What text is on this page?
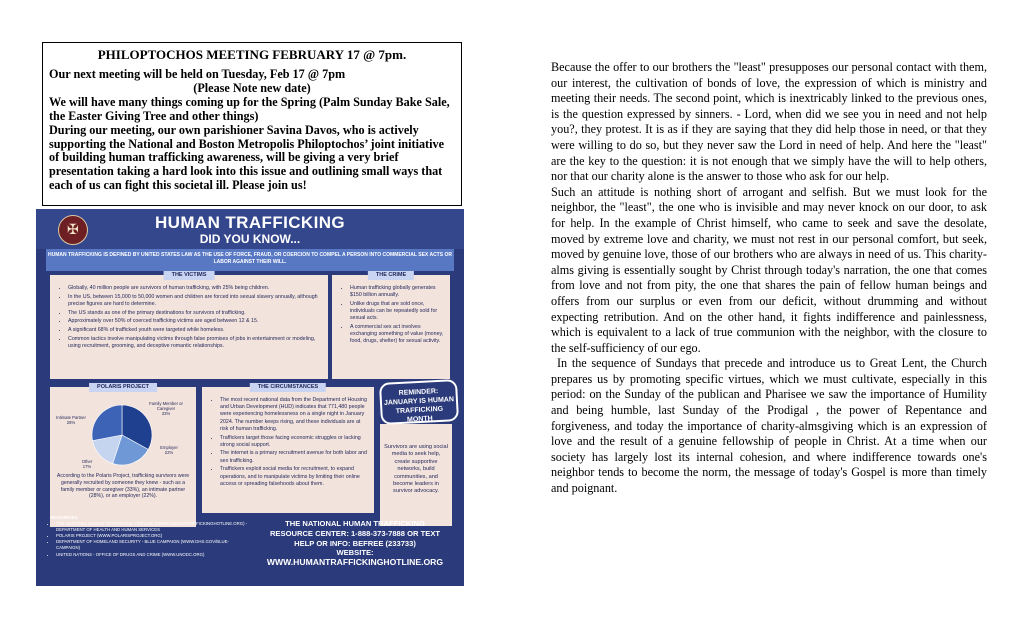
PHILOPTOCHOS MEETING FEBRUARY 17 @ 7pm.

Our next meeting will be held on Tuesday, Feb 17 @ 7pm

(Please Note new date)

We will have many things coming up for the Spring (Palm Sunday Bake Sale, the Easter Giving Tree and other things)

During our meeting, our own parishioner Savina Davos, who is actively supporting the National and Boston Metropolis Philoptochos’ joint initiative of building human trafficking awareness, will be giving a very brief presentation taking a hard look into this issue and outlining small ways that each of us can fight this societal ill. Please join us!

✠	HUMAN TRAFFICKING
DID YOU KNOW...
HUMAN TRAFFICKING IS DEFINED BY UNITED STATES LAW AS THE USE OF FORCE, FRAUD, OR COERCION TO COMPEL A PERSON INTO COMMERCIAL SEX ACTS OR LABOR AGAINST THEIR WILL.
THE VICTIMS
• Globally, 40 million people are survivors of human trafficking, with 25% being children.
• In the US, between 15,000 to 50,000 women and children are forced into sexual slavery annually, although precise figures are hard to determine.
• The US stands as one of the primary destinations for survivors of trafficking.
• Approximately over 50% of coerced trafficking victims are aged between 12 & 15.
• A significant 68% of trafficked youth were targeted while homeless.
• Common tactics involve manipulating victims through false promises of jobs in entertainment or modeling, using recruitment, grooming, and deceptive romantic relationships.
THE CRIME
• Human trafficking globally generates $150 billion annually.
• Unlike drugs that are sold once, individuals can be repeatedly sold for sexual acts.
• A commercial sex act involves exchanging something of value (money, food, drugs, shelter) for sexual activity.
POLARIS PROJECT
Family Member or Caregiver
33%
Employer
22%
Other
17%
Intimate Partner
28%
According to the Polaris Project, trafficking survivors were generally recruited by someone they knew - such as a family member or caregiver (33%), an intimate partner (28%), or an employer (22%).
THE CIRCUMSTANCES
• The most recent national data from the Department of Housing and Urban Development (HUD) indicates that 771,480 people were experiencing homelessness on a single night in January 2024. The number keeps rising, and these individuals are at risk of human trafficking.
• Traffickers target those facing economic struggles or lacking strong social support.
• The internet is a primary recruitment avenue for both labor and sex trafficking.
• Traffickers exploit social media for recruitment, to expand operations, and to manipulate victims by limiting their online access or spreading falsehoods about them.
Survivors are using social media to seek help, create supportive networks, build communities, and become leaders in survivor advocacy.
REMINDER: JANUARY IS HUMAN TRAFFICKING MONTH
RESOURCES:
• THE NATIONAL HUMAN TRAFFICKING HOTLINE (WWW.HUMANTRAFFICKINGHOTLINE.ORG) - DEPARTMENT OF HEALTH AND HUMAN SERVICES
• POLARIS PROJECT (WWW.POLARISPROJECT.ORG)
• DEPARTMENT OF HOMELAND SECURITY - BLUE CAMPAIGN (WWW.DHS.GOV/BLUE-CAMPAIGN)
• UNITED NATIONS - OFFICE OF DRUGS AND CRIME (WWW.UNODC.ORG)
THE NATIONAL HUMAN TRAFFICKING
RESOURCE CENTER: 1-888-373-7888 OR TEXT
HELP OR INFO: BEFREE (233733)
WEBSITE:
WWW.HUMANTRAFFICKINGHOTLINE.ORG

Because the offer to our brothers the "least" presupposes our personal contact with them, our interest, the cultivation of bonds of love, the expression of which is ministry and meeting their needs. The second point, which is inextricably linked to the previous ones, is the question expressed by sinners. - Lord, when did we see you in need and not help you?, they protest. It is as if they are saying that they did help those in need, or that they were willing to do so, but they never saw the Lord in need of help. And here the "least" are the key to the question: it is not enough that we simply have the will to help others, nor that our charity alone is the answer to those who ask for our help.

Such an attitude is nothing short of arrogant and selfish. But we must look for the neighbor, the "least", the one who is invisible and may never knock on our door, to ask for help. In the example of Christ himself, who came to seek and save the desolate, moved by extreme love and charity, we must not rest in our personal comfort, but seek, moved by genuine love, those of our brothers who are always in need of us. This charity-alms giving is essentially sought by Christ through today's narration, the one that comes from love and not from pity, the one that shares the pain of fellow human beings and offers from our surplus or even from our deficit, without drumming and without expecting retribution. And on the other hand, it fights indifference and painlessness, which is equivalent to a lack of true communion with the neighbor, with the closure to the self-sufficiency of our ego.

In the sequence of Sundays that precede and introduce us to Great Lent, the Church prepares us by promoting specific virtues, which we must cultivate, especially in this period: on the Sunday of the publican and Pharisee we saw the importance of Humility and being humble, last Sunday of the Prodigal , the power of Repentance and forgiveness, and today the importance of charity-almsgiving which is an expression of love and the result of a genuine fellowship of people in Christ. At a time when our society has largely lost its internal cohesion, and where indifference towards one's neighbor tends to become the norm, the message of today's Gospel is more than timely and poignant.
